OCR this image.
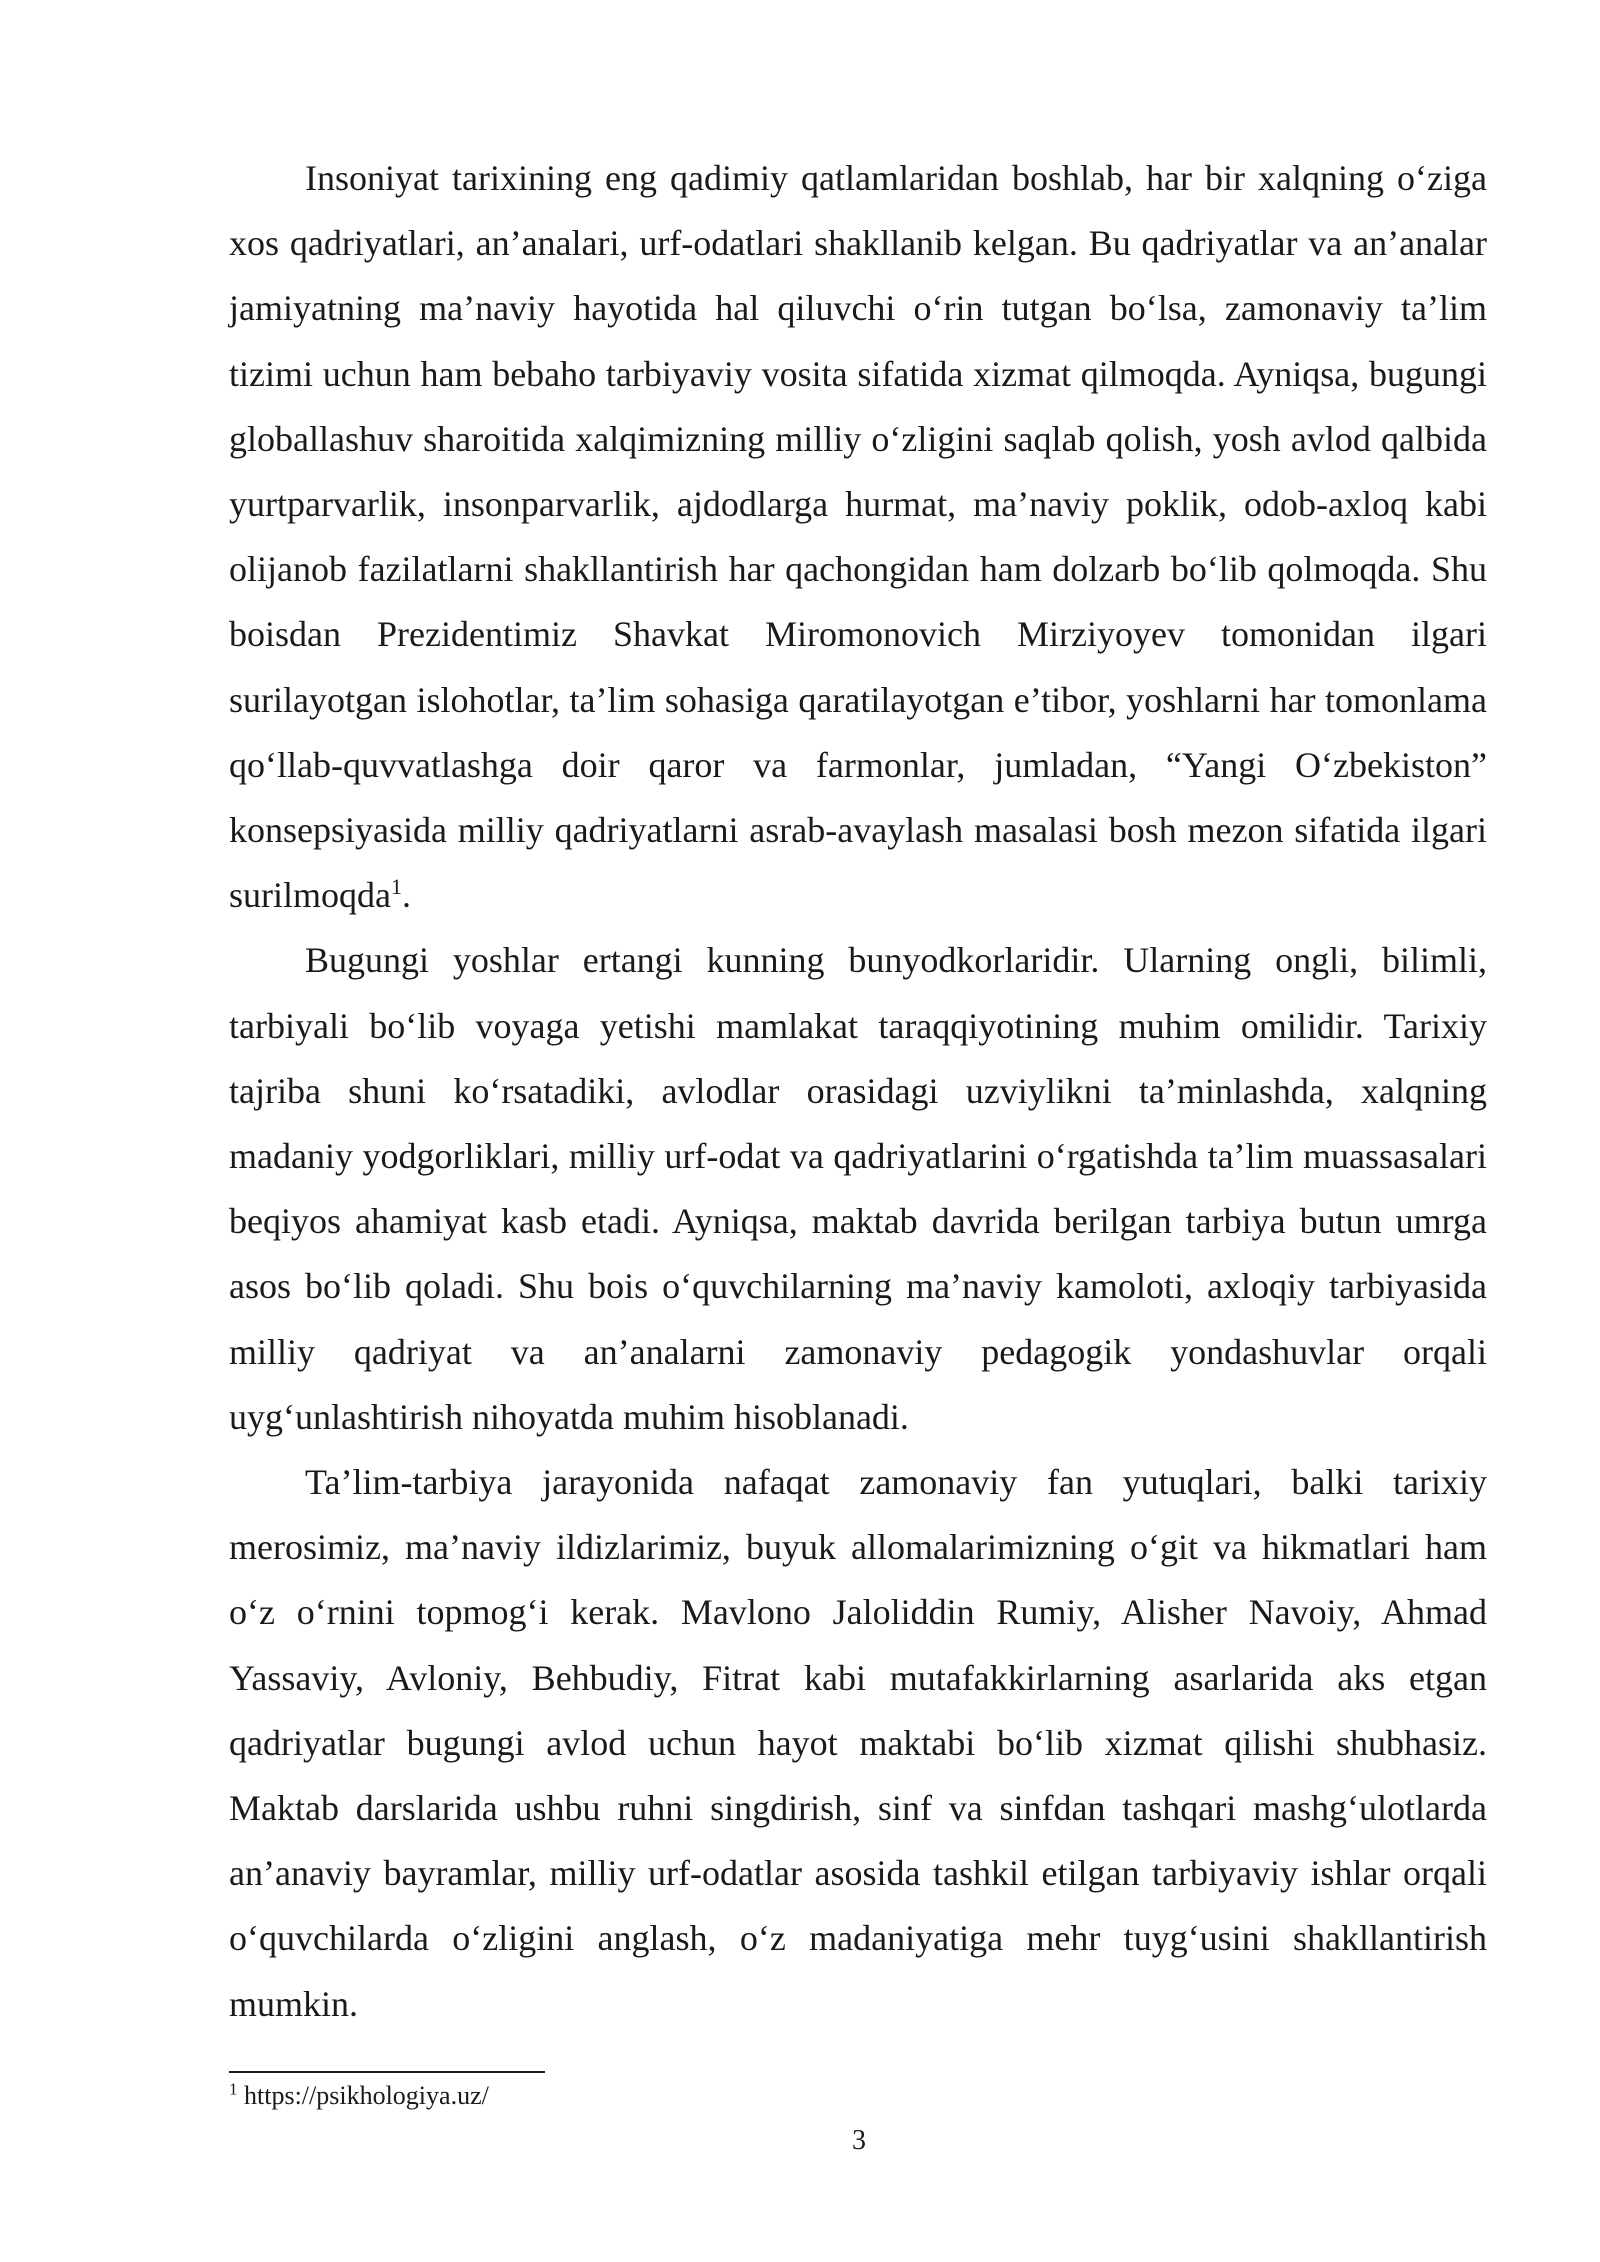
Insoniyat tarixining eng qadimiy qatlamlaridan boshlab, har bir xalqning o‘ziga xos qadriyatlari, an’analari, urf-odatlari shakllanib kelgan. Bu qadriyatlar va an’analar jamiyatning ma’naviy hayotida hal qiluvchi o‘rin tutgan bo‘lsa, zamonaviy ta’lim tizimi uchun ham bebaho tarbiyaviy vosita sifatida xizmat qilmoqda. Ayniqsa, bugungi globallashuv sharoitida xalqimizning milliy o‘zligini saqlab qolish, yosh avlod qalbida yurtparvarlik, insonparvarlik, ajdodlarga hurmat, ma’naviy poklik, odob-axloq kabi olijanob fazilatlarni shakllantirish har qachongidan ham dolzarb bo‘lib qolmoqda. Shu boisdan Prezidentimiz Shavkat Miromonovich Mirziyoyev tomonidan ilgari surilayotgan islohotlar, ta’lim sohasiga qaratilayotgan e’tibor, yoshlarni har tomonlama qo‘llab-quvvatlashga doir qaror va farmonlar, jumladan, “Yangi O‘zbekiston” konsepsiyasida milliy qadriyatlarni asrab-avaylash masalasi bosh mezon sifatida ilgari surilmoqda$^1$.

Bugungi yoshlar ertangi kunning bunyodkorlaridir. Ularning ongli, bilimli, tarbiyali bo‘lib voyaga yetishi mamlakat taraqqiyotining muhim omilidir. Tarixiy tajriba shuni ko‘rsatadiki, avlodlar orasidagi uzviylikni ta’minlashda, xalqning madaniy yodgorliklari, milliy urf-odat va qadriyatlarini o‘rgatishda ta’lim muassasalari beqiyos ahamiyat kasb etadi. Ayniqsa, maktab davrida berilgan tarbiya butun umrga asos bo‘lib qoladi. Shu bois o‘quvchilarning ma’naviy kamoloti, axloqiy tarbiyasida milliy qadriyat va an’analarni zamonaviy pedagogik yondashuvlar orqali uyg‘unlashtirish nihoyatda muhim hisoblanadi.

Ta’lim-tarbiya jarayonida nafaqat zamonaviy fan yutuqlari, balki tarixiy merosimiz, ma’naviy ildizlarimiz, buyuk allomalarimizning o‘git va hikmatlari ham o‘z o‘rnini topmog‘i kerak. Mavlono Jaloliddin Rumiy, Alisher Navoiy, Ahmad Yassaviy, Avloniy, Behbudiy, Fitrat kabi mutafakkirlarning asarlarida aks etgan qadriyatlar bugungi avlod uchun hayot maktabi bo‘lib xizmat qilishi shubhasiz. Maktab darslarida ushbu ruhni singdirish, sinf va sinfdan tashqari mashg‘ulotlarda an’anaviy bayramlar, milliy urf-odatlar asosida tashkil etilgan tarbiyaviy ishlar orqali o‘quvchilarda o‘zligini anglash, o‘z madaniyatiga mehr tuyg‘usini shakllantirish mumkin.

$^1$ https://psikhologiya.uz/
3
